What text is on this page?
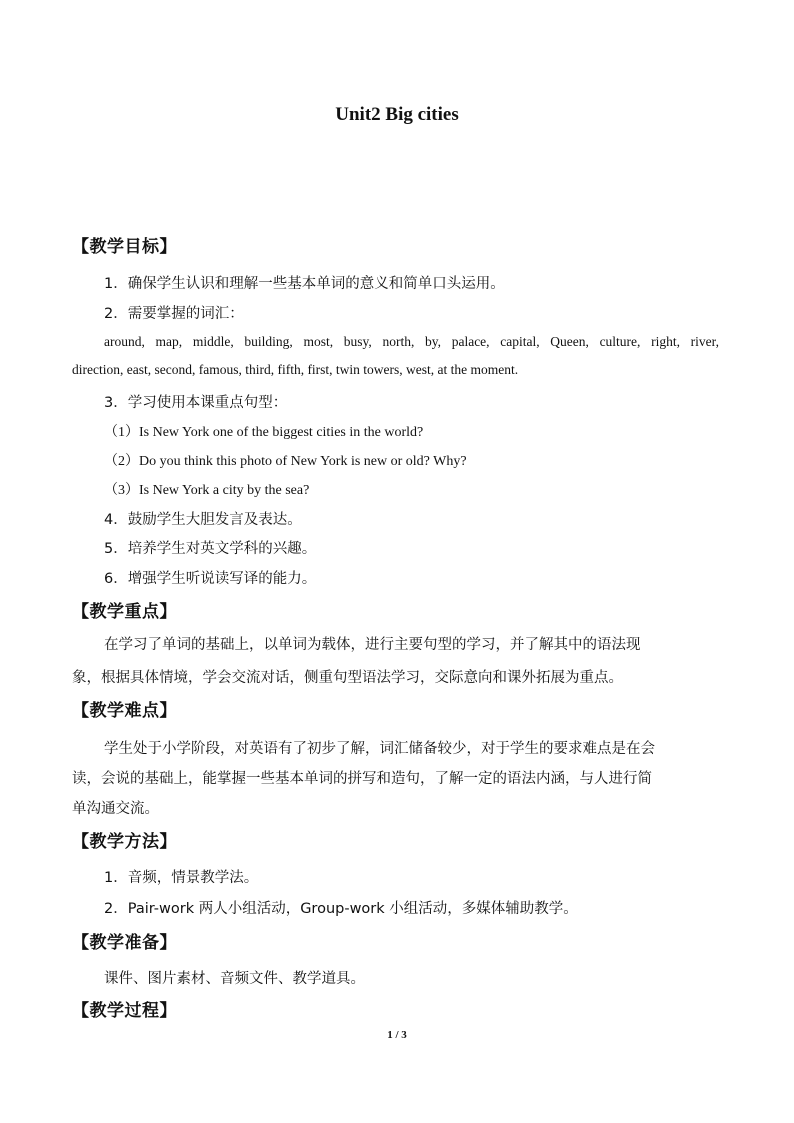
Unit2 Big cities
【教学目标】
1．确保学生认识和理解一些基本单词的意义和简单口头运用。
2．需要掌握的词汇：
around, map, middle, building, most, busy, north, by, palace, capital, Queen, culture, right, river,
direction, east, second, famous, third, fifth, first, twin towers, west, at the moment.
3．学习使用本课重点句型：
（1）Is New York one of the biggest cities in the world?
（2）Do you think this photo of New York is new or old? Why?
（3）Is New York a city by the sea?
4．鼓励学生大胆发言及表达。
5．培养学生对英文学科的兴趣。
6．增强学生听说读写译的能力。
【教学重点】
在学习了单词的基础上，以单词为载体，进行主要句型的学习，并了解其中的语法现
象，根据具体情境，学会交流对话，侧重句型语法学习，交际意向和课外拓展为重点。
【教学难点】
学生处于小学阶段，对英语有了初步了解，词汇储备较少，对于学生的要求难点是在会
读，会说的基础上，能掌握一些基本单词的拼写和造句，了解一定的语法内涵，与人进行简
单沟通交流。
【教学方法】
1．音频，情景教学法。
2．Pair-work 两人小组活动，Group-work 小组活动，多媒体辅助教学。
【教学准备】
课件、图片素材、音频文件、教学道具。
【教学过程】
1 / 3
